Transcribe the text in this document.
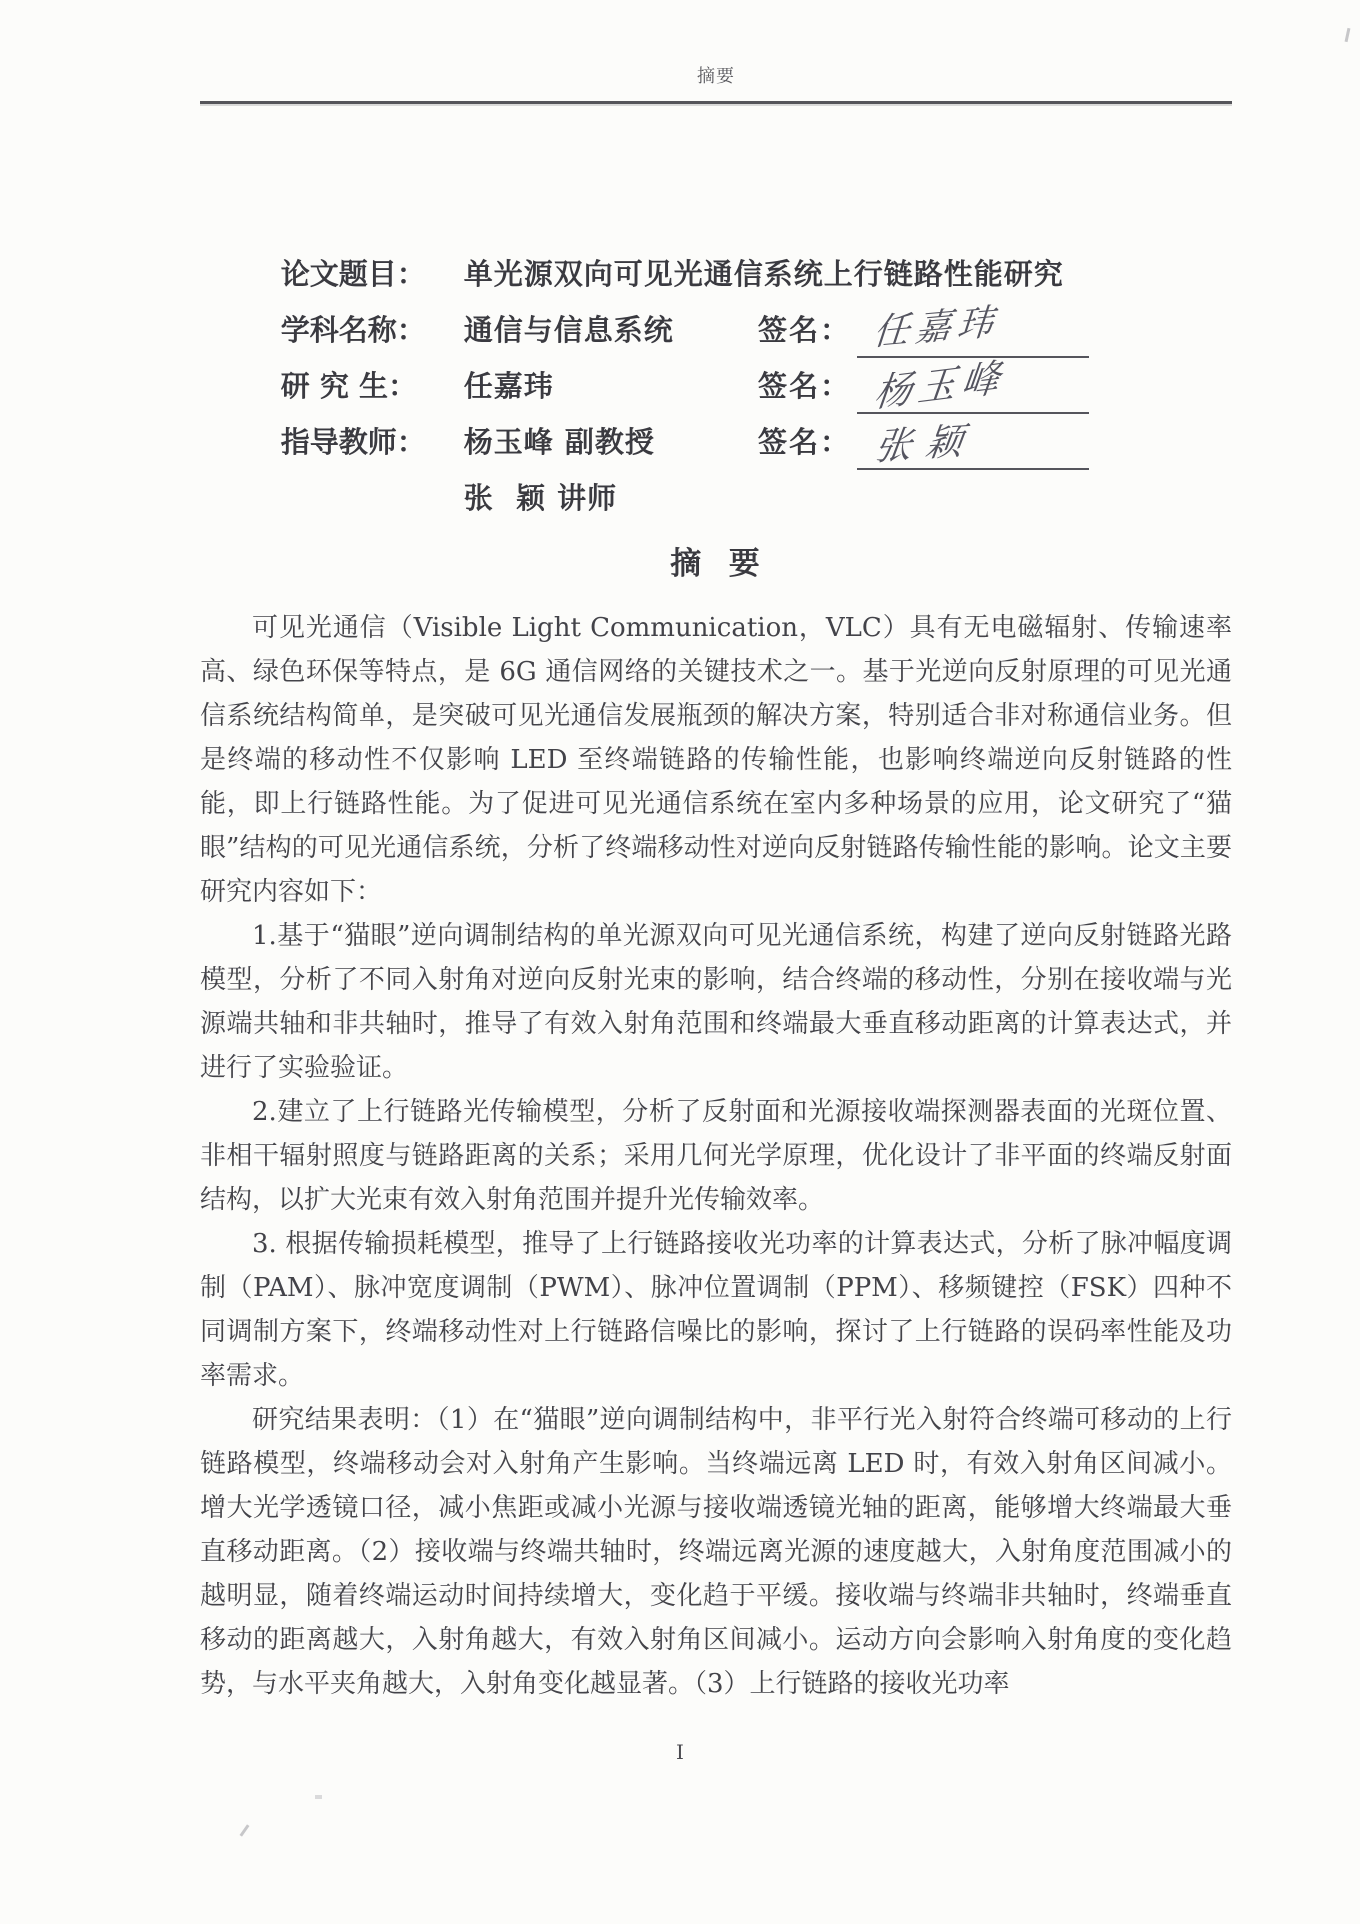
摘要

论文题目： 单光源双向可见光通信系统上行链路性能研究

学科名称： 通信与信息系统

研 究 生： 任嘉玮

签名： 任嘉玮

指导教师： 杨玉峰 副教授

签名： 杨玉峰

张  颖 讲师

签名： 张颖

摘  要

可见光通信（Visible Light Communication，VLC）具有无电磁辐射、传输速率高、绿色环保等特点，是 6G 通信网络的关键技术之一。基于光逆向反射原理的可见光通信系统结构简单，是突破可见光通信发展瓶颈的解决方案，特别适合非对称通信业务。但是终端的移动性不仅影响 LED 至终端链路的传输性能，也影响终端逆向反射链路的性能，即上行链路性能。为了促进可见光通信系统在室内多种场景的应用，论文研究了“猫眼”结构的可见光通信系统，分析了终端移动性对逆向反射链路传输性能的影响。论文主要研究内容如下：

1.基于“猫眼”逆向调制结构的单光源双向可见光通信系统，构建了逆向反射链路光路模型，分析了不同入射角对逆向反射光束的影响，结合终端的移动性，分别在接收端与光源端共轴和非共轴时，推导了有效入射角范围和终端最大垂直移动距离的计算表达式，并进行了实验验证。

2.建立了上行链路光传输模型，分析了反射面和光源接收端探测器表面的光斑位置、非相干辐射照度与链路距离的关系；采用几何光学原理，优化设计了非平面的终端反射面结构，以扩大光束有效入射角范围并提升光传输效率。

3. 根据传输损耗模型，推导了上行链路接收光功率的计算表达式，分析了脉冲幅度调制（PAM）、脉冲宽度调制（PWM）、脉冲位置调制（PPM）、移频键控（FSK）四种不同调制方案下，终端移动性对上行链路信噪比的影响，探讨了上行链路的误码率性能及功率需求。

研究结果表明：（1）在“猫眼”逆向调制结构中，非平行光入射符合终端可移动的上行链路模型，终端移动会对入射角产生影响。当终端远离 LED 时，有效入射角区间减小。增大光学透镜口径，减小焦距或减小光源与接收端透镜光轴的距离，能够增大终端最大垂直移动距离。（2）接收端与终端共轴时，终端远离光源的速度越大，入射角度范围减小的越明显，随着终端运动时间持续增大，变化趋于平缓。接收端与终端非共轴时，终端垂直移动的距离越大，入射角越大，有效入射角区间减小。运动方向会影响入射角度的变化趋势，与水平夹角越大，入射角变化越显著。（3）上行链路的接收光功率

I
